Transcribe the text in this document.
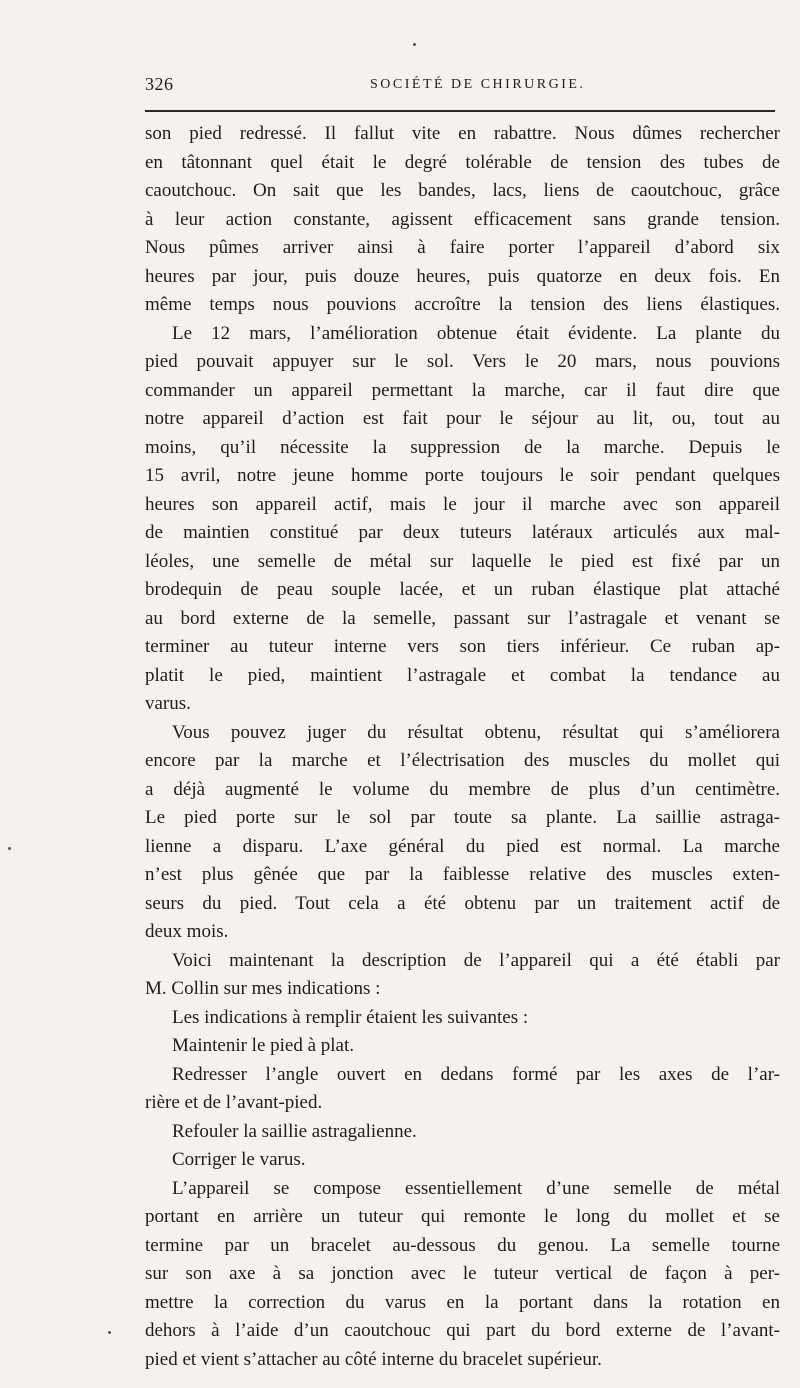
326	SOCIÉTÉ DE CHIRURGIE.
son pied redressé. Il fallut vite en rabattre. Nous dûmes rechercher
en tâtonnant quel était le degré tolérable de tension des tubes de
caoutchouc. On sait que les bandes, lacs, liens de caoutchouc, grâce
à leur action constante, agissent efficacement sans grande tension.
Nous pûmes arriver ainsi à faire porter l’appareil d’abord six
heures par jour, puis douze heures, puis quatorze en deux fois. En
même temps nous pouvions accroître la tension des liens élastiques.
Le 12 mars, l’amélioration obtenue était évidente. La plante du
pied pouvait appuyer sur le sol. Vers le 20 mars, nous pouvions
commander un appareil permettant la marche, car il faut dire que
notre appareil d’action est fait pour le séjour au lit, ou, tout au
moins, qu’il nécessite la suppression de la marche. Depuis le
15 avril, notre jeune homme porte toujours le soir pendant quelques
heures son appareil actif, mais le jour il marche avec son appareil
de maintien constitué par deux tuteurs latéraux articulés aux mal-
léoles, une semelle de métal sur laquelle le pied est fixé par un
brodequin de peau souple lacée, et un ruban élastique plat attaché
au bord externe de la semelle, passant sur l’astragale et venant se
terminer au tuteur interne vers son tiers inférieur. Ce ruban ap-
platit le pied, maintient l’astragale et combat la tendance au
varus.
Vous pouvez juger du résultat obtenu, résultat qui s’améliorera
encore par la marche et l’électrisation des muscles du mollet qui
a déjà augmenté le volume du membre de plus d’un centimètre.
Le pied porte sur le sol par toute sa plante. La saillie astraga-
lienne a disparu. L’axe général du pied est normal. La marche
n’est plus gênée que par la faiblesse relative des muscles exten-
seurs du pied. Tout cela a été obtenu par un traitement actif de
deux mois.
Voici maintenant la description de l’appareil qui a été établi par
M. Collin sur mes indications :
Les indications à remplir étaient les suivantes :
Maintenir le pied à plat.
Redresser l’angle ouvert en dedans formé par les axes de l’ar-
rière et de l’avant-pied.
Refouler la saillie astragalienne.
Corriger le varus.
L’appareil se compose essentiellement d’une semelle de métal
portant en arrière un tuteur qui remonte le long du mollet et se
termine par un bracelet au-dessous du genou. La semelle tourne
sur son axe à sa jonction avec le tuteur vertical de façon à per-
mettre la correction du varus en la portant dans la rotation en
dehors à l’aide d’un caoutchouc qui part du bord externe de l’avant-
pied et vient s’attacher au côté interne du bracelet supérieur.
